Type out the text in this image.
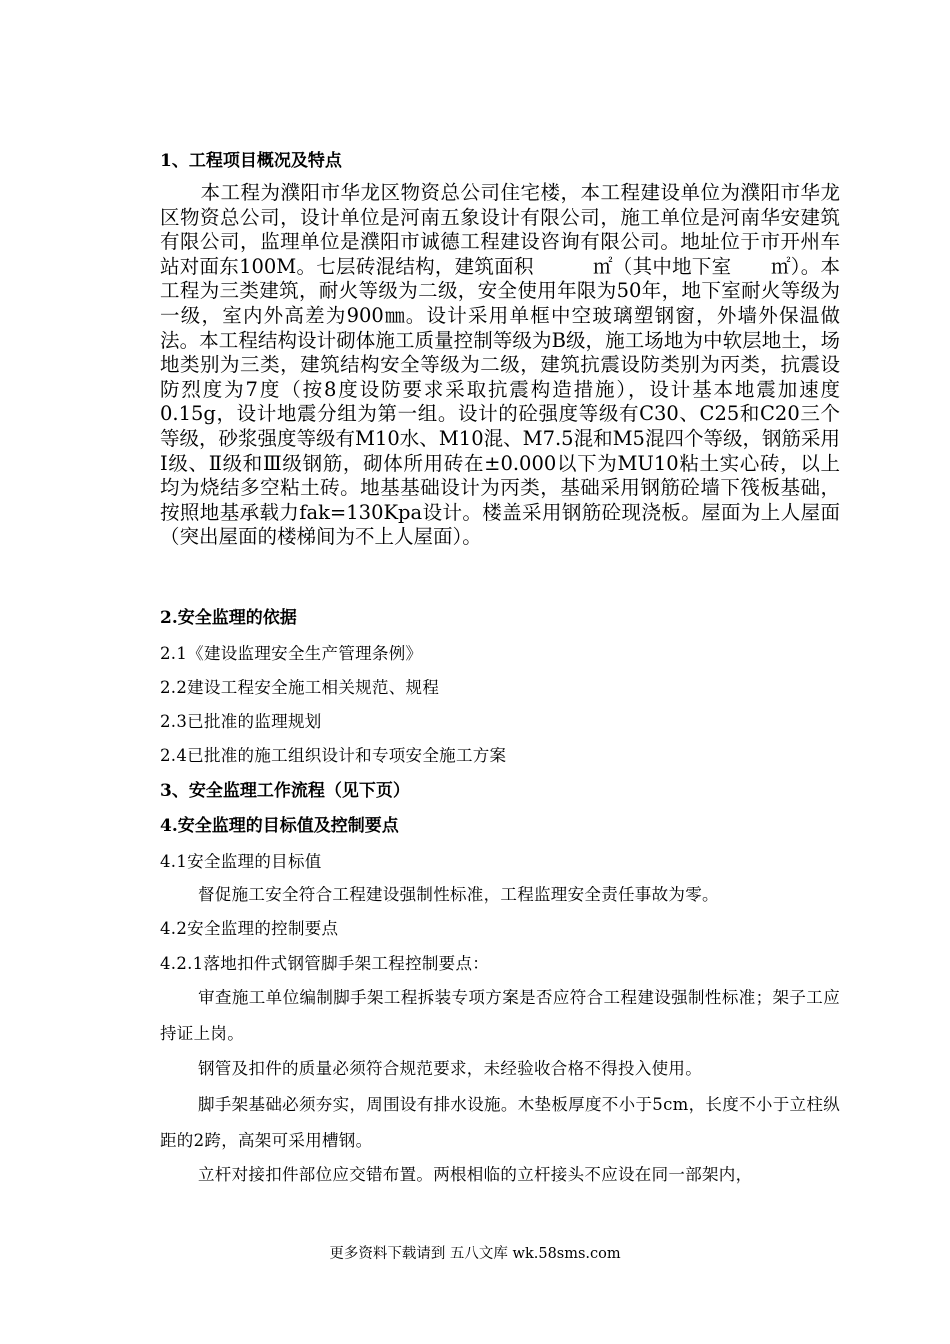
1、工程项目概况及特点
本工程为濮阳市华龙区物资总公司住宅楼，本工程建设单位为濮阳市华龙区物资总公司，设计单位是河南五象设计有限公司，施工单位是河南华安建筑有限公司，监理单位是濮阳市诚德工程建设咨询有限公司。地址位于市开州车站对面东100M。七层砖混结构，建筑面积　　　㎡（其中地下室　　㎡）。本工程为三类建筑，耐火等级为二级，安全使用年限为50年，地下室耐火等级为一级，室内外高差为900㎜。设计采用单框中空玻璃塑钢窗，外墙外保温做法。本工程结构设计砌体施工质量控制等级为B级，施工场地为中软层地土，场地类别为三类，建筑结构安全等级为二级，建筑抗震设防类别为丙类，抗震设防烈度为7度（按8度设防要求采取抗震构造措施），设计基本地震加速度0.15g，设计地震分组为第一组。设计的砼强度等级有C30、C25和C20三个等级，砂浆强度等级有M10水、M10混、M7.5混和M5混四个等级，钢筋采用Ⅰ级、Ⅱ级和Ⅲ级钢筋，砌体所用砖在±0.000以下为MU10粘土实心砖，以上均为烧结多空粘土砖。地基基础设计为丙类，基础采用钢筋砼墙下筏板基础，按照地基承载力fak=130Kpa设计。楼盖采用钢筋砼现浇板。屋面为上人屋面（突出屋面的楼梯间为不上人屋面）。
2.安全监理的依据
2.1《建设监理安全生产管理条例》
2.2建设工程安全施工相关规范、规程
2.3已批准的监理规划
2.4已批准的施工组织设计和专项安全施工方案
3、安全监理工作流程（见下页）
4.安全监理的目标值及控制要点
4.1安全监理的目标值
督促施工安全符合工程建设强制性标准，工程监理安全责任事故为零。
4.2安全监理的控制要点
4.2.1落地扣件式钢管脚手架工程控制要点：
审查施工单位编制脚手架工程拆装专项方案是否应符合工程建设强制性标准；架子工应持证上岗。
钢管及扣件的质量必须符合规范要求，未经验收合格不得投入使用。
脚手架基础必须夯实，周围设有排水设施。木垫板厚度不小于5cm，长度不小于立柱纵距的2跨，高架可采用槽钢。
立杆对接扣件部位应交错布置。两根相临的立杆接头不应设在同一部架内，
更多资料下载请到 五八文库 wk.58sms.com
